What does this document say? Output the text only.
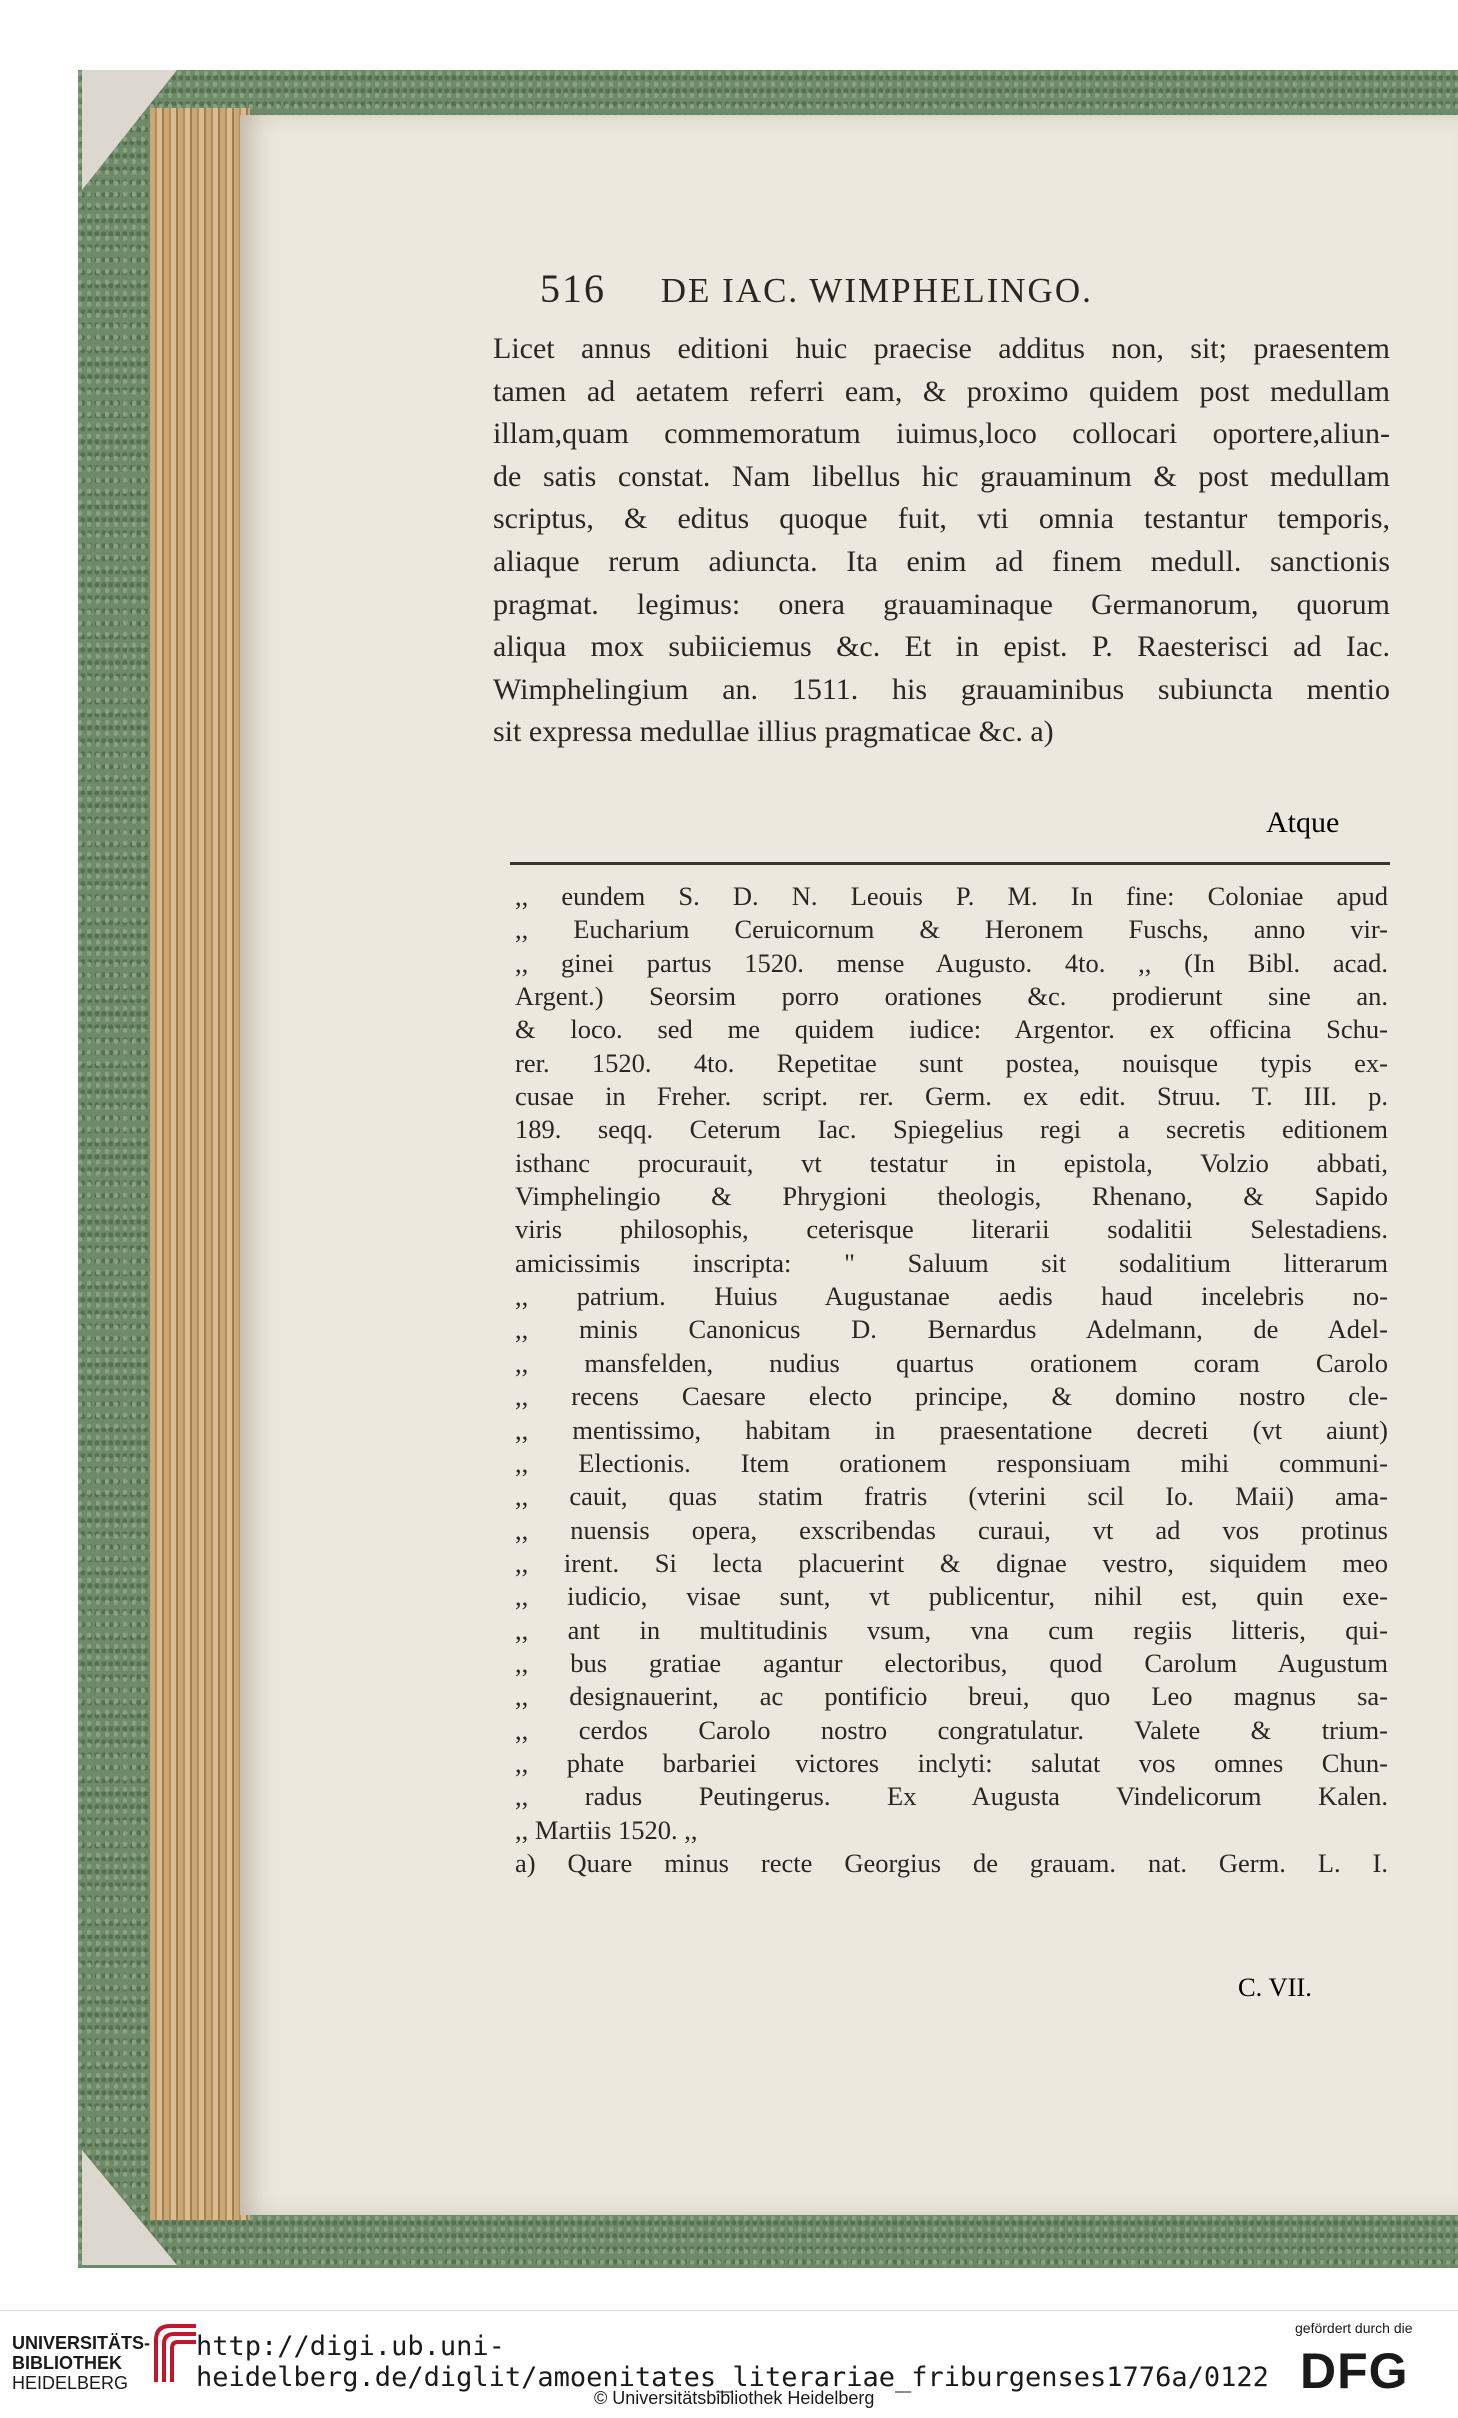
516 DE IAC. WIMPHELINGO.
Licet annus editioni huic praecise additus non, sit; praesentem
tamen ad aetatem referri eam, & proximo quidem post medullam
illam,quam commemoratum iuimus,loco collocari oportere,aliun-
de satis constat. Nam libellus hic grauaminum & post medullam
scriptus, & editus quoque fuit, vti omnia testantur temporis,
aliaque rerum adiuncta. Ita enim ad finem medull. sanctionis
pragmat. legimus: onera grauaminaque Germanorum, quorum
aliqua mox subiiciemus &c. Et in epist. P. Raesterisci ad Iac.
Wimphelingium an. 1511. his grauaminibus subiuncta mentio
sit expressa medullae illius pragmaticae &c. a)
Atque
,, eundem S. D. N. Leouis P. M. In fine: Coloniae apud
,, Eucharium Ceruicornum & Heronem Fuschs, anno vir-
,, ginei partus 1520. mense Augusto. 4to. ,, (In Bibl. acad.
Argent.) Seorsim porro orationes &c. prodierunt sine an.
& loco. sed me quidem iudice: Argentor. ex officina Schu-
rer. 1520. 4to. Repetitae sunt postea, nouisque typis ex-
cusae in Freher. script. rer. Germ. ex edit. Struu. T. III. p.
189. seqq. Ceterum Iac. Spiegelius regi a secretis editionem
isthanc procurauit, vt testatur in epistola, Volzio abbati,
Vimphelingio & Phrygioni theologis, Rhenano, & Sapido
viris philosophis, ceterisque literarii sodalitii Selestadiens.
amicissimis inscripta: " Saluum sit sodalitium litterarum
,, patrium. Huius Augustanae aedis haud incelebris no-
,, minis Canonicus D. Bernardus Adelmann, de Adel-
,, mansfelden, nudius quartus orationem coram Carolo
,, recens Caesare electo principe, & domino nostro cle-
,, mentissimo, habitam in praesentatione decreti (vt aiunt)
,, Electionis. Item orationem responsiuam mihi communi-
,, cauit, quas statim fratris (vterini scil Io. Maii) ama-
,, nuensis opera, exscribendas curaui, vt ad vos protinus
,, irent. Si lecta placuerint & dignae vestro, siquidem meo
,, iudicio, visae sunt, vt publicentur, nihil est, quin exe-
,, ant in multitudinis vsum, vna cum regiis litteris, qui-
,, bus gratiae agantur electoribus, quod Carolum Augustum
,, designauerint, ac pontificio breui, quo Leo magnus sa-
,, cerdos Carolo nostro congratulatur. Valete & trium-
,, phate barbariei victores inclyti: salutat vos omnes Chun-
,, radus Peutingerus. Ex Augusta Vindelicorum Kalen.
,, Martiis 1520. ,,
a) Quare minus recte Georgius de grauam. nat. Germ. L. I.
C. VII.
UNIVERSITÄTS-
BIBLIOTHEK
HEIDELBERG
http://digi.ub.uni-heidelberg.de/diglit/amoenitates_literariae_friburgenses1776a/0122
© Universitätsbibliothek Heidelberg
gefördert durch die
DFG
